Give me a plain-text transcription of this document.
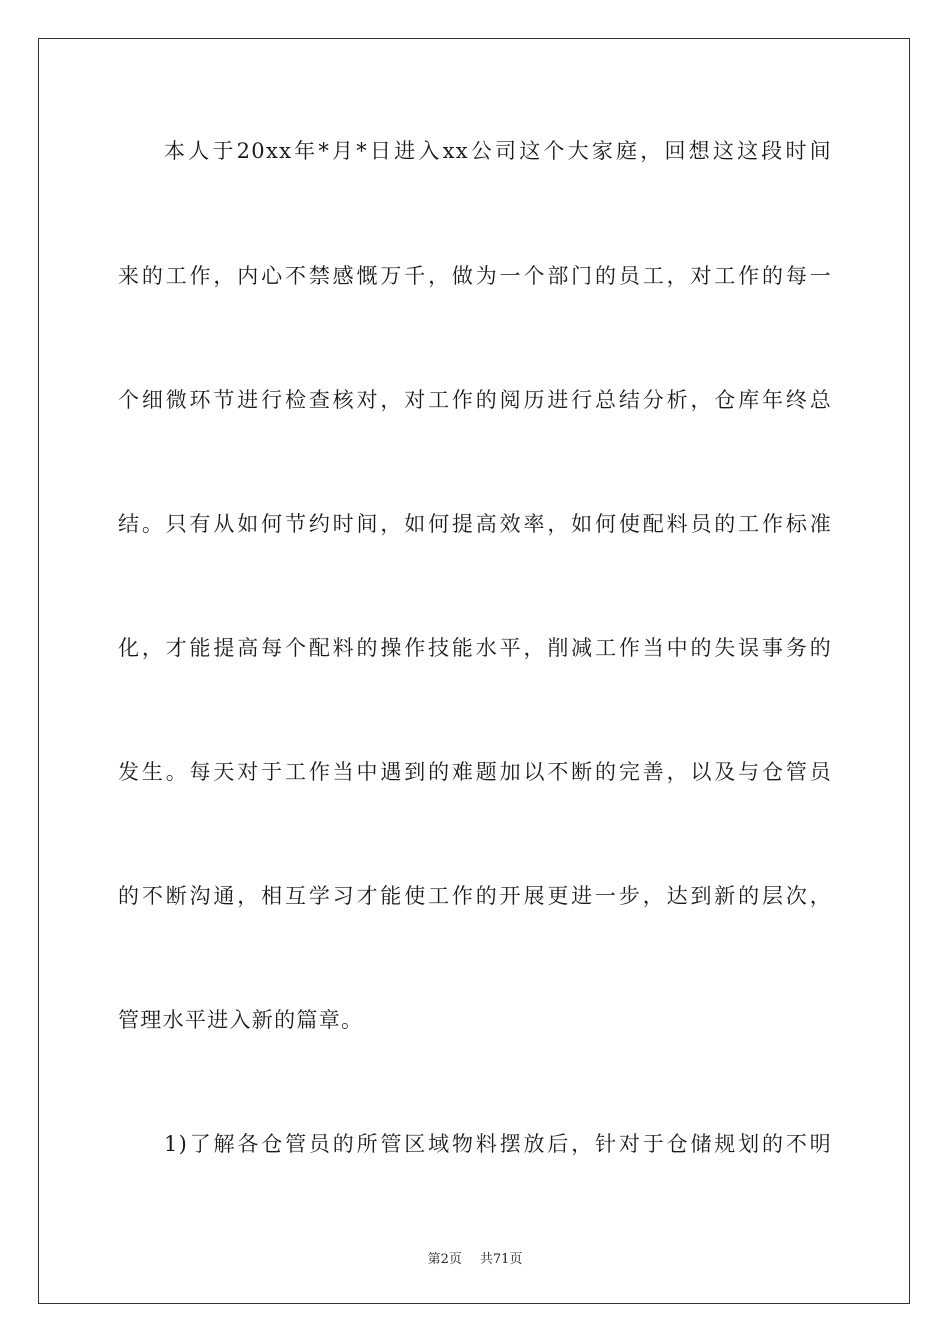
本人于20xx年*月*日进入xx公司这个大家庭，回想这这段时间
来的工作，内心不禁感慨万千，做为一个部门的员工，对工作的每一
个细微环节进行检查核对，对工作的阅历进行总结分析，仓库年终总
结。只有从如何节约时间，如何提高效率，如何使配料员的工作标准
化，才能提高每个配料的操作技能水平，削减工作当中的失误事务的
发生。每天对于工作当中遇到的难题加以不断的完善，以及与仓管员
的不断沟通，相互学习才能使工作的开展更进一步，达到新的层次，
管理水平进入新的篇章。
1)了解各仓管员的所管区域物料摆放后，针对于仓储规划的不明
第2页 共71页
